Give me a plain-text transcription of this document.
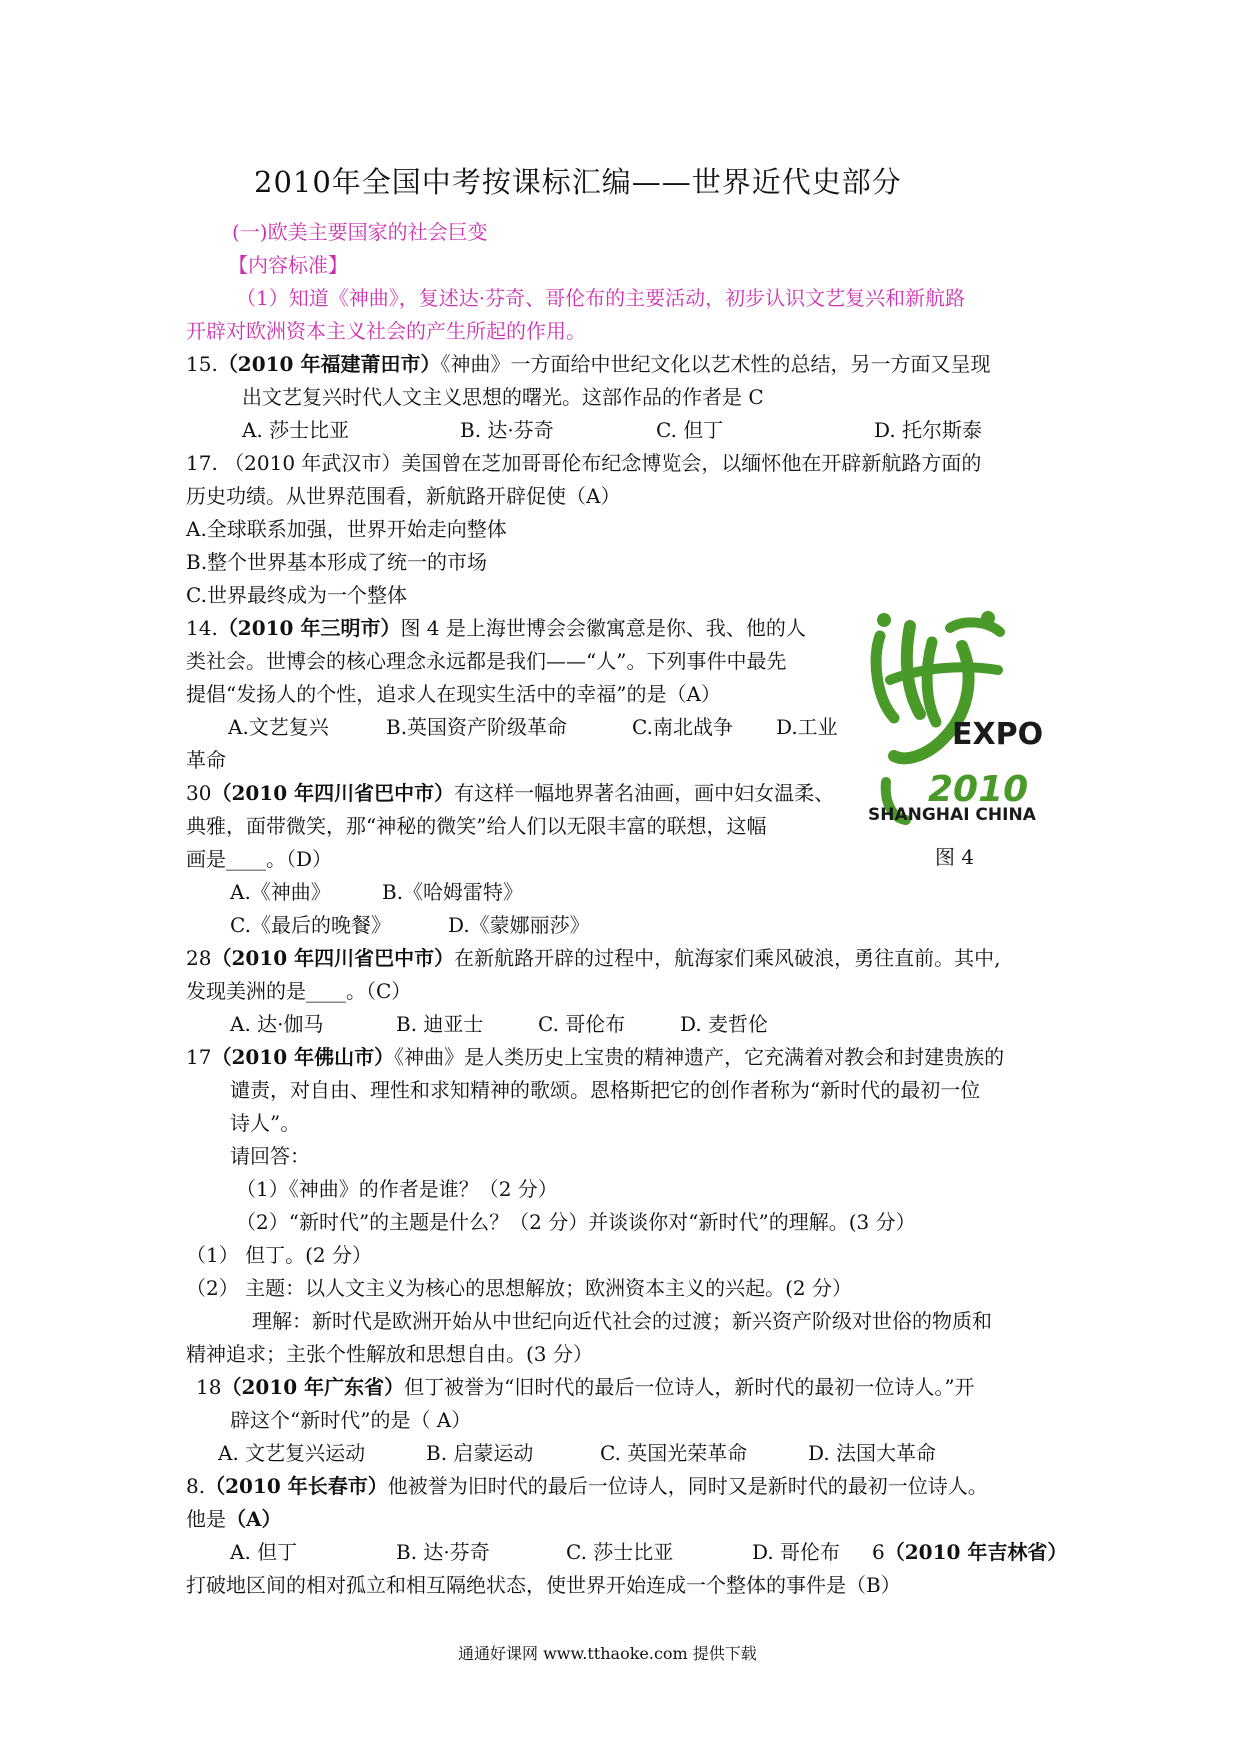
2010年全国中考按课标汇编——世界近代史部分
(一)欧美主要国家的社会巨变
【内容标准】
（1）知道《神曲》，复述达·芬奇、哥伦布的主要活动，初步认识文艺复兴和新航路
开辟对欧洲资本主义社会的产生所起的作用。
15.（2010 年福建莆田市）《神曲》一方面给中世纪文化以艺术性的总结，另一方面又呈现
出文艺复兴时代人文主义思想的曙光。这部作品的作者是 C
A. 莎士比亚	B. 达·芬奇	C. 但丁	D. 托尔斯泰
17. （2010 年武汉市）美国曾在芝加哥哥伦布纪念博览会，以缅怀他在开辟新航路方面的
历史功绩。从世界范围看，新航路开辟促使（A）
A.全球联系加强，世界开始走向整体
B.整个世界基本形成了统一的市场
C.世界最终成为一个整体
14.（2010 年三明市）图 4 是上海世博会会徽寓意是你、我、他的人
类社会。世博会的核心理念永远都是我们——“人”。下列事件中最先
提倡“发扬人的个性，追求人在现实生活中的幸福”的是（A）
A.文艺复兴	B.英国资产阶级革命	C.南北战争 D.工业
革命
30（2010 年四川省巴中市）有这样一幅地界著名油画，画中妇女温柔、
典雅，面带微笑，那“神秘的微笑”给人们以无限丰富的联想，这幅
画是____。（D）
A.《神曲》	B.《哈姆雷特》
C.《最后的晚餐》	D.《蒙娜丽莎》
2010
EXPO
SHANGHAI CHINA
图 4
28（2010 年四川省巴中市）在新航路开辟的过程中，航海家们乘风破浪，勇往直前。其中,
发现美洲的是____。（C）
A. 达·伽马	B. 迪亚士	C. 哥伦布	D. 麦哲伦
17（2010 年佛山市）《神曲》是人类历史上宝贵的精神遗产，它充满着对教会和封建贵族的
谴责，对自由、理性和求知精神的歌颂。恩格斯把它的创作者称为“新时代的最初一位
诗人”。
请回答：
（1）《神曲》的作者是谁？（2 分）
（2）“新时代”的主题是什么？（2 分）并谈谈你对“新时代”的理解。(3 分）
（1） 但丁。(2 分）
（2） 主题：以人文主义为核心的思想解放；欧洲资本主义的兴起。(2 分）
理解：新时代是欧洲开始从中世纪向近代社会的过渡；新兴资产阶级对世俗的物质和
精神追求；主张个性解放和思想自由。(3 分）
18（2010 年广东省）但丁被誉为“旧时代的最后一位诗人，新时代的最初一位诗人。”开
辟这个“新时代”的是（ A）
A. 文艺复兴运动	B. 启蒙运动	C. 英国光荣革命	D. 法国大革命
8.（2010 年长春市）他被誉为旧时代的最后一位诗人，同时又是新时代的最初一位诗人。
他是（A）
A. 但丁	B. 达·芬奇	C. 莎士比亚	D. 哥伦布 6（2010 年吉林省）
打破地区间的相对孤立和相互隔绝状态，使世界开始连成一个整体的事件是（B）
通通好课网 www.tthaoke.com 提供下载
